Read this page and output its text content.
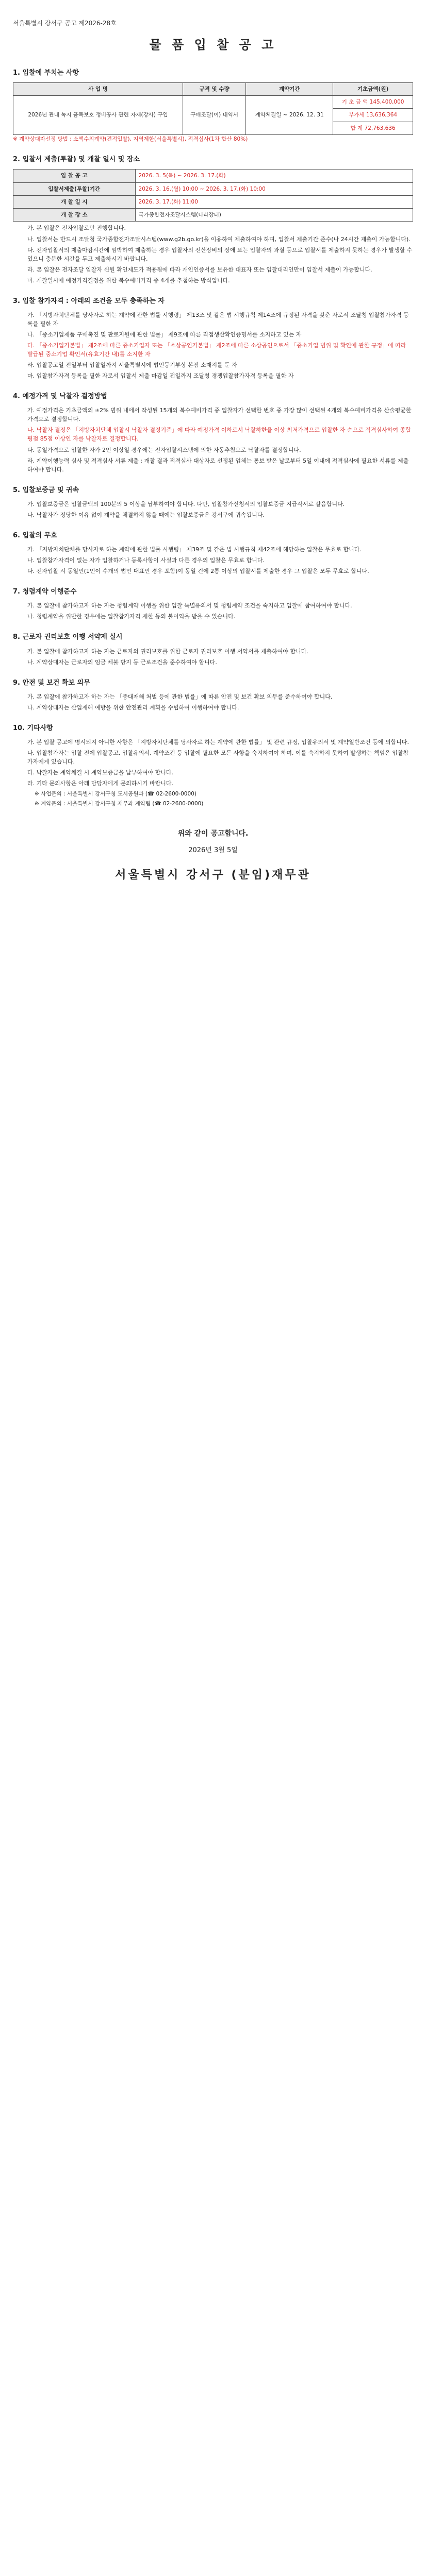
서울특별시 강서구 공고 제2026-28호
물 품 입 찰 공 고
1. 입찰에 부치는 사항
사 업 명	규격 및 수량	계약기간	기초금액(원)
2026년 관내 녹지 품목보호 정비공사 관련 자재(강사) 구입	구매조달(이) 내역서	계약체결일 ~ 2026. 12. 31	기 초 금 액 145,400,000
			부가세 13,636,364
			합 계 72,763,636
※ 계약상대자선정 방법 : 소액수의계약(견적입찰), 지역제한(서울특별시), 적격심사(1차 합산 80%)
2. 입찰서 제출(투찰) 및 개찰 일시 및 장소
입 찰 공 고	2026. 3. 5(목) ~ 2026. 3. 17.(화)
입찰서제출(투찰)기간	2026. 3. 16.(월) 10:00 ~ 2026. 3. 17.(화) 10:00
개 찰 일 시	2026. 3. 17.(화) 11:00
개 찰 장 소	국가종합전자조달시스템(나라장터)
가. 본 입찰은 전자입찰로만 진행합니다.
나. 입찰서는 반드시 조달청 국가종합전자조달시스템(www.g2b.go.kr)을 이용하여 제출하여야 하며, 입찰서 제출기간 준수(나 24시간 제출이 가능합니다).
다. 전자입찰서의 제출마감시간에 임박하여 제출하는 경우 입찰자의 전산장비의 장애 또는 입찰자의 과실 등으로 입찰서를 제출하지 못하는 경우가 발생할 수 있으니 충분한 시간을 두고 제출하시기 바랍니다.
라. 본 입찰은 전자조달 입찰자 신원 확인제도가 적용됨에 따라 개인인증서를 보유한 대표자 또는 입찰대리인만이 입찰서 제출이 가능합니다.
마. 개찰일시에 예정가격결정을 위한 복수예비가격 중 4개를 추첨하는 방식입니다.
3. 입찰 참가자격 : 아래의 조건을 모두 충족하는 자
가. 「지방자치단체를 당사자로 하는 계약에 관한 법률 시행령」 제13조 및 같은 법 시행규칙 제14조에 규정된 자격을 갖춘 자로서 조달청 입찰참가자격 등록을 필한 자
나. 「중소기업제품 구매촉진 및 판로지원에 관한 법률」 제9조에 따른 직접생산확인증명서를 소지하고 있는 자
다. 「중소기업기본법」 제2조에 따른 중소기업자 또는 「소상공인기본법」 제2조에 따른 소상공인으로서 「중소기업 범위 및 확인에 관한 규정」에 따라 발급된 중소기업 확인서(유효기간 내)를 소지한 자
라. 입찰공고일 전일부터 입찰일까지 서울특별시에 법인등기부상 본점 소재지를 둔 자
마. 입찰참가자격 등록을 필한 자로서 입찰서 제출 마감일 전일까지 조달청 경쟁입찰참가자격 등록을 필한 자
4. 예정가격 및 낙찰자 결정방법
가. 예정가격은 기초금액의 ±2% 범위 내에서 작성된 15개의 복수예비가격 중 입찰자가 선택한 번호 중 가장 많이 선택된 4개의 복수예비가격을 산술평균한 가격으로 결정합니다.
나. 낙찰자 결정은 「지방자치단체 입찰시 낙찰자 결정기준」에 따라 예정가격 이하로서 낙찰하한율 이상 최저가격으로 입찰한 자 순으로 적격심사하여 종합평점 85점 이상인 자를 낙찰자로 결정합니다.
다. 동일가격으로 입찰한 자가 2인 이상일 경우에는 전자입찰시스템에 의한 자동추첨으로 낙찰자를 결정합니다.
라. 계약이행능력 심사 및 적격심사 서류 제출 : 개찰 결과 적격심사 대상자로 선정된 업체는 통보 받은 날로부터 5일 이내에 적격심사에 필요한 서류를 제출하여야 합니다.
5. 입찰보증금 및 귀속
가. 입찰보증금은 입찰금액의 100분의 5 이상을 납부하여야 합니다. 다만, 입찰참가신청서의 입찰보증금 지급각서로 갈음합니다.
나. 낙찰자가 정당한 이유 없이 계약을 체결하지 않을 때에는 입찰보증금은 강서구에 귀속됩니다.
6. 입찰의 무효
가. 「지방자치단체를 당사자로 하는 계약에 관한 법률 시행령」 제39조 및 같은 법 시행규칙 제42조에 해당하는 입찰은 무효로 합니다.
나. 입찰참가자격이 없는 자가 입찰하거나 등록사항이 사실과 다른 경우의 입찰은 무효로 합니다.
다. 전자입찰 시 동일인(1인이 수개의 법인 대표인 경우 포함)이 동일 건에 2통 이상의 입찰서를 제출한 경우 그 입찰은 모두 무효로 합니다.
7. 청렴계약 이행준수
가. 본 입찰에 참가하고자 하는 자는 청렴계약 이행을 위한 입찰 특별유의서 및 청렴계약 조건을 숙지하고 입찰에 참여하여야 합니다.
나. 청렴계약을 위반한 경우에는 입찰참가자격 제한 등의 불이익을 받을 수 있습니다.
8. 근로자 권리보호 이행 서약제 실시
가. 본 입찰에 참가하고자 하는 자는 근로자의 권리보호를 위한 근로자 권리보호 이행 서약서를 제출하여야 합니다.
나. 계약상대자는 근로자의 임금 체불 방지 등 근로조건을 준수하여야 합니다.
9. 안전 및 보건 확보 의무
가. 본 입찰에 참가하고자 하는 자는 「중대재해 처벌 등에 관한 법률」에 따른 안전 및 보건 확보 의무를 준수하여야 합니다.
나. 계약상대자는 산업재해 예방을 위한 안전관리 계획을 수립하여 이행하여야 합니다.
10. 기타사항
가. 본 입찰 공고에 명시되지 아니한 사항은 「지방자치단체를 당사자로 하는 계약에 관한 법률」 및 관련 규정, 입찰유의서 및 계약일반조건 등에 의합니다.
나. 입찰참가자는 입찰 전에 입찰공고, 입찰유의서, 계약조건 등 입찰에 필요한 모든 사항을 숙지하여야 하며, 이를 숙지하지 못하여 발생하는 책임은 입찰참가자에게 있습니다.
다. 낙찰자는 계약체결 시 계약보증금을 납부하여야 합니다.
라. 기타 문의사항은 아래 담당자에게 문의하시기 바랍니다.
※ 사업문의 : 서울특별시 강서구청 도시공원과 (☎ 02-2600-0000)
※ 계약문의 : 서울특별시 강서구청 재무과 계약팀 (☎ 02-2600-0000)
위와 같이 공고합니다.
2026년 3월 5일
서울특별시 강서구 (분임)재무관
